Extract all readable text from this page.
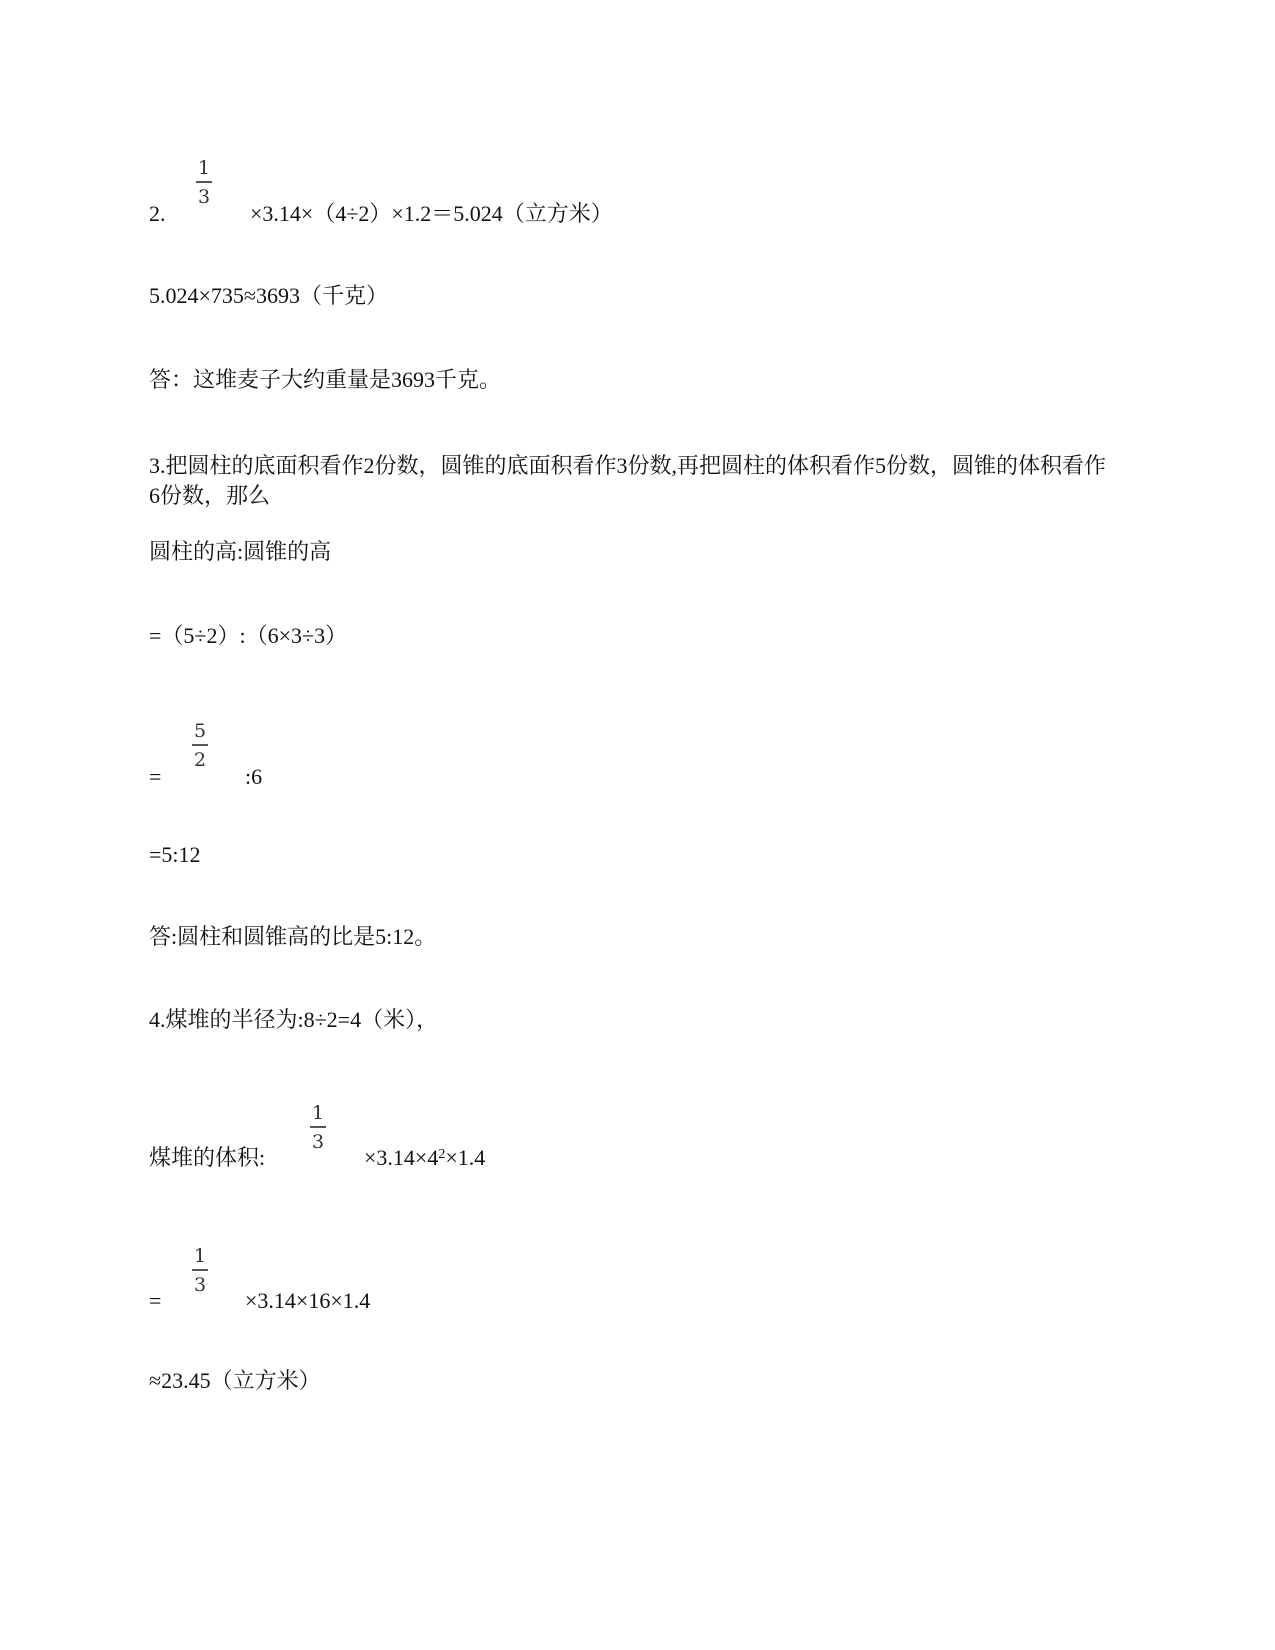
1
3
2.	×3.14×（4÷2）×1.2＝5.024（立方米）
5.024×735≈3693（千克）
答：这堆麦子大约重量是3693千克。
3.把圆柱的底面积看作2份数，圆锥的底面积看作3份数,再把圆柱的体积看作5份数，圆锥的体积看作6份数，那么
圆柱的高:圆锥的高
=（5÷2）:（6×3÷3）
5
2
=	:6
=5:12
答:圆柱和圆锥高的比是5:12。
4.煤堆的半径为:8÷2=4（米），
1
3
煤堆的体积:	$\times 3.14\times 4^2\times 1.4$
1
3
=	×3.14×16×1.4
≈23.45（立方米）
